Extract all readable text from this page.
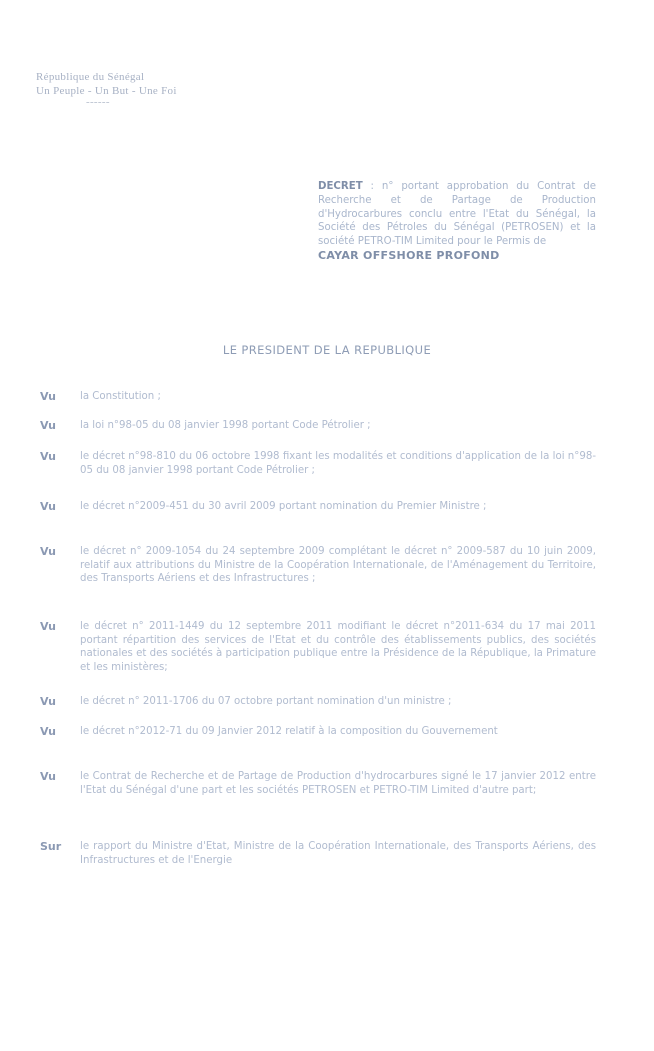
République du Sénégal
Un Peuple - Un But - Une Foi
------
DECRET : n° portant approbation du Contrat de Recherche et de Partage de Production d'Hydrocarbures conclu entre l'Etat du Sénégal, la Société des Pétroles du Sénégal (PETROSEN) et la société PETRO-TIM Limited pour le Permis de
CAYAR OFFSHORE PROFOND
LE PRESIDENT DE LA REPUBLIQUE
Vu	la Constitution ;
Vu	la loi n°98-05 du 08 janvier 1998 portant Code Pétrolier ;
Vu	le décret n°98-810 du 06 octobre 1998 fixant les modalités et conditions d'application de la loi n°98-05 du 08 janvier 1998 portant Code Pétrolier ;
Vu	le décret n°2009-451 du 30 avril 2009 portant nomination du Premier Ministre ;
Vu	le décret n° 2009-1054 du 24 septembre 2009 complétant le décret n° 2009-587 du 10 juin 2009, relatif aux attributions du Ministre de la Coopération Internationale, de l'Aménagement du Territoire, des Transports Aériens et des Infrastructures ;
Vu	le décret n° 2011-1449 du 12 septembre 2011 modifiant le décret n°2011-634 du 17 mai 2011 portant répartition des services de l'Etat et du contrôle des établissements publics, des sociétés nationales et des sociétés à participation publique entre la Présidence de la République, la Primature et les ministères;
Vu	le décret n° 2011-1706 du 07 octobre portant nomination d'un ministre ;
Vu	le décret n°2012-71 du 09 Janvier 2012 relatif à la composition du Gouvernement
Vu	le Contrat de Recherche et de Partage de Production d'hydrocarbures signé le 17 janvier 2012 entre l'Etat du Sénégal d'une part et les sociétés PETROSEN et PETRO-TIM Limited d'autre part;
Sur	le rapport du Ministre d'Etat, Ministre de la Coopération Internationale, des Transports Aériens, des Infrastructures et de l'Energie
